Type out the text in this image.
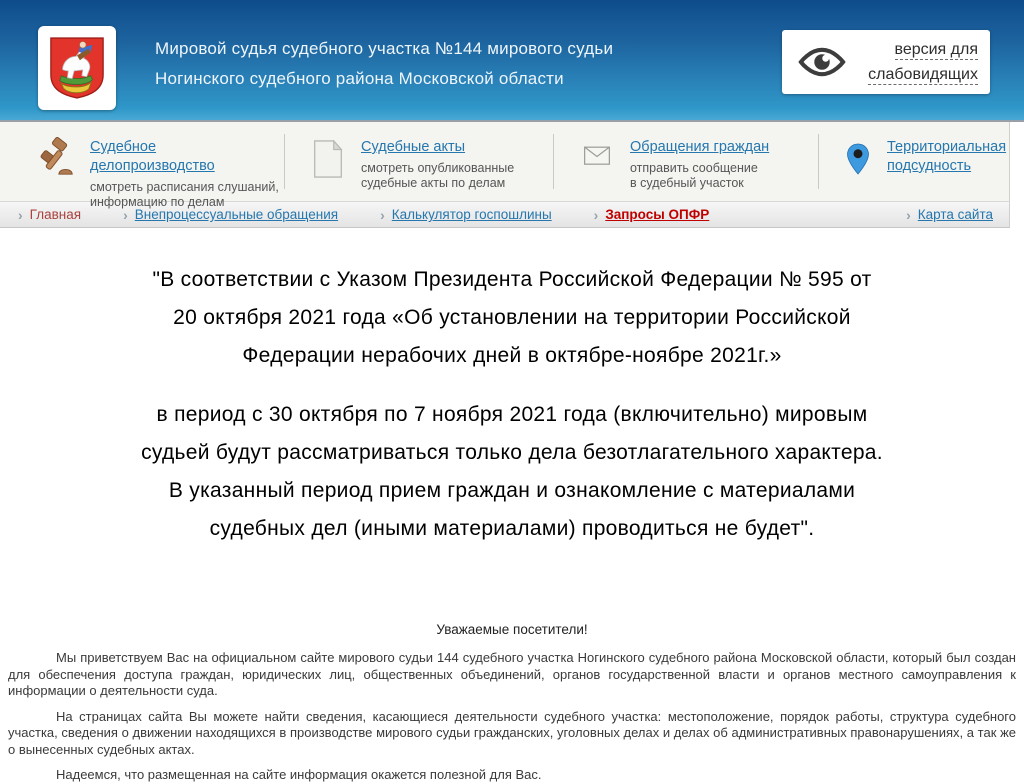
Мировой судья судебного участка №144 мирового судьи
Ногинского судебного района Московской области
версия для
слабовидящих
Судебное делопроизводство
смотреть расписания слушаний,
информацию по делам
Судебные акты
смотреть опубликованные
судебные акты по делам
Обращения граждан
отправить сообщение
в судебный участок
Территориальная подсудность
› Главная	› Внепроцессуальные обращения	› Калькулятор госпошлины	› Запросы ОПФР	› Карта сайта
"В соответствии с Указом Президента Российской Федерации № 595 от
20 октября 2021 года «Об установлении на территории Российской
Федерации нерабочих дней в октябре-ноябре 2021г.»
в период с 30 октября по 7 ноября 2021 года (включительно) мировым
судьей будут рассматриваться только дела безотлагательного характера.
В указанный период прием граждан и ознакомление с материалами
судебных дел (иными материалами) проводиться не будет".
Уважаемые посетители!

Мы приветствуем Вас на официальном сайте мирового судьи 144 судебного участка Ногинского судебного района Московской области, который был создан для обеспечения доступа граждан, юридических лиц, общественных объединений, органов государственной власти и органов местного самоуправления к информации о деятельности суда.

На страницах сайта Вы можете найти сведения, касающиеся деятельности судебного участка: местоположение, порядок работы, структура судебного участка, сведения о движении находящихся в производстве мирового судьи гражданских, уголовных делах и делах об административных правонарушениях, а так же о вынесенных судебных актах.

Надеемся, что размещенная на сайте информация окажется полезной для Вас.
